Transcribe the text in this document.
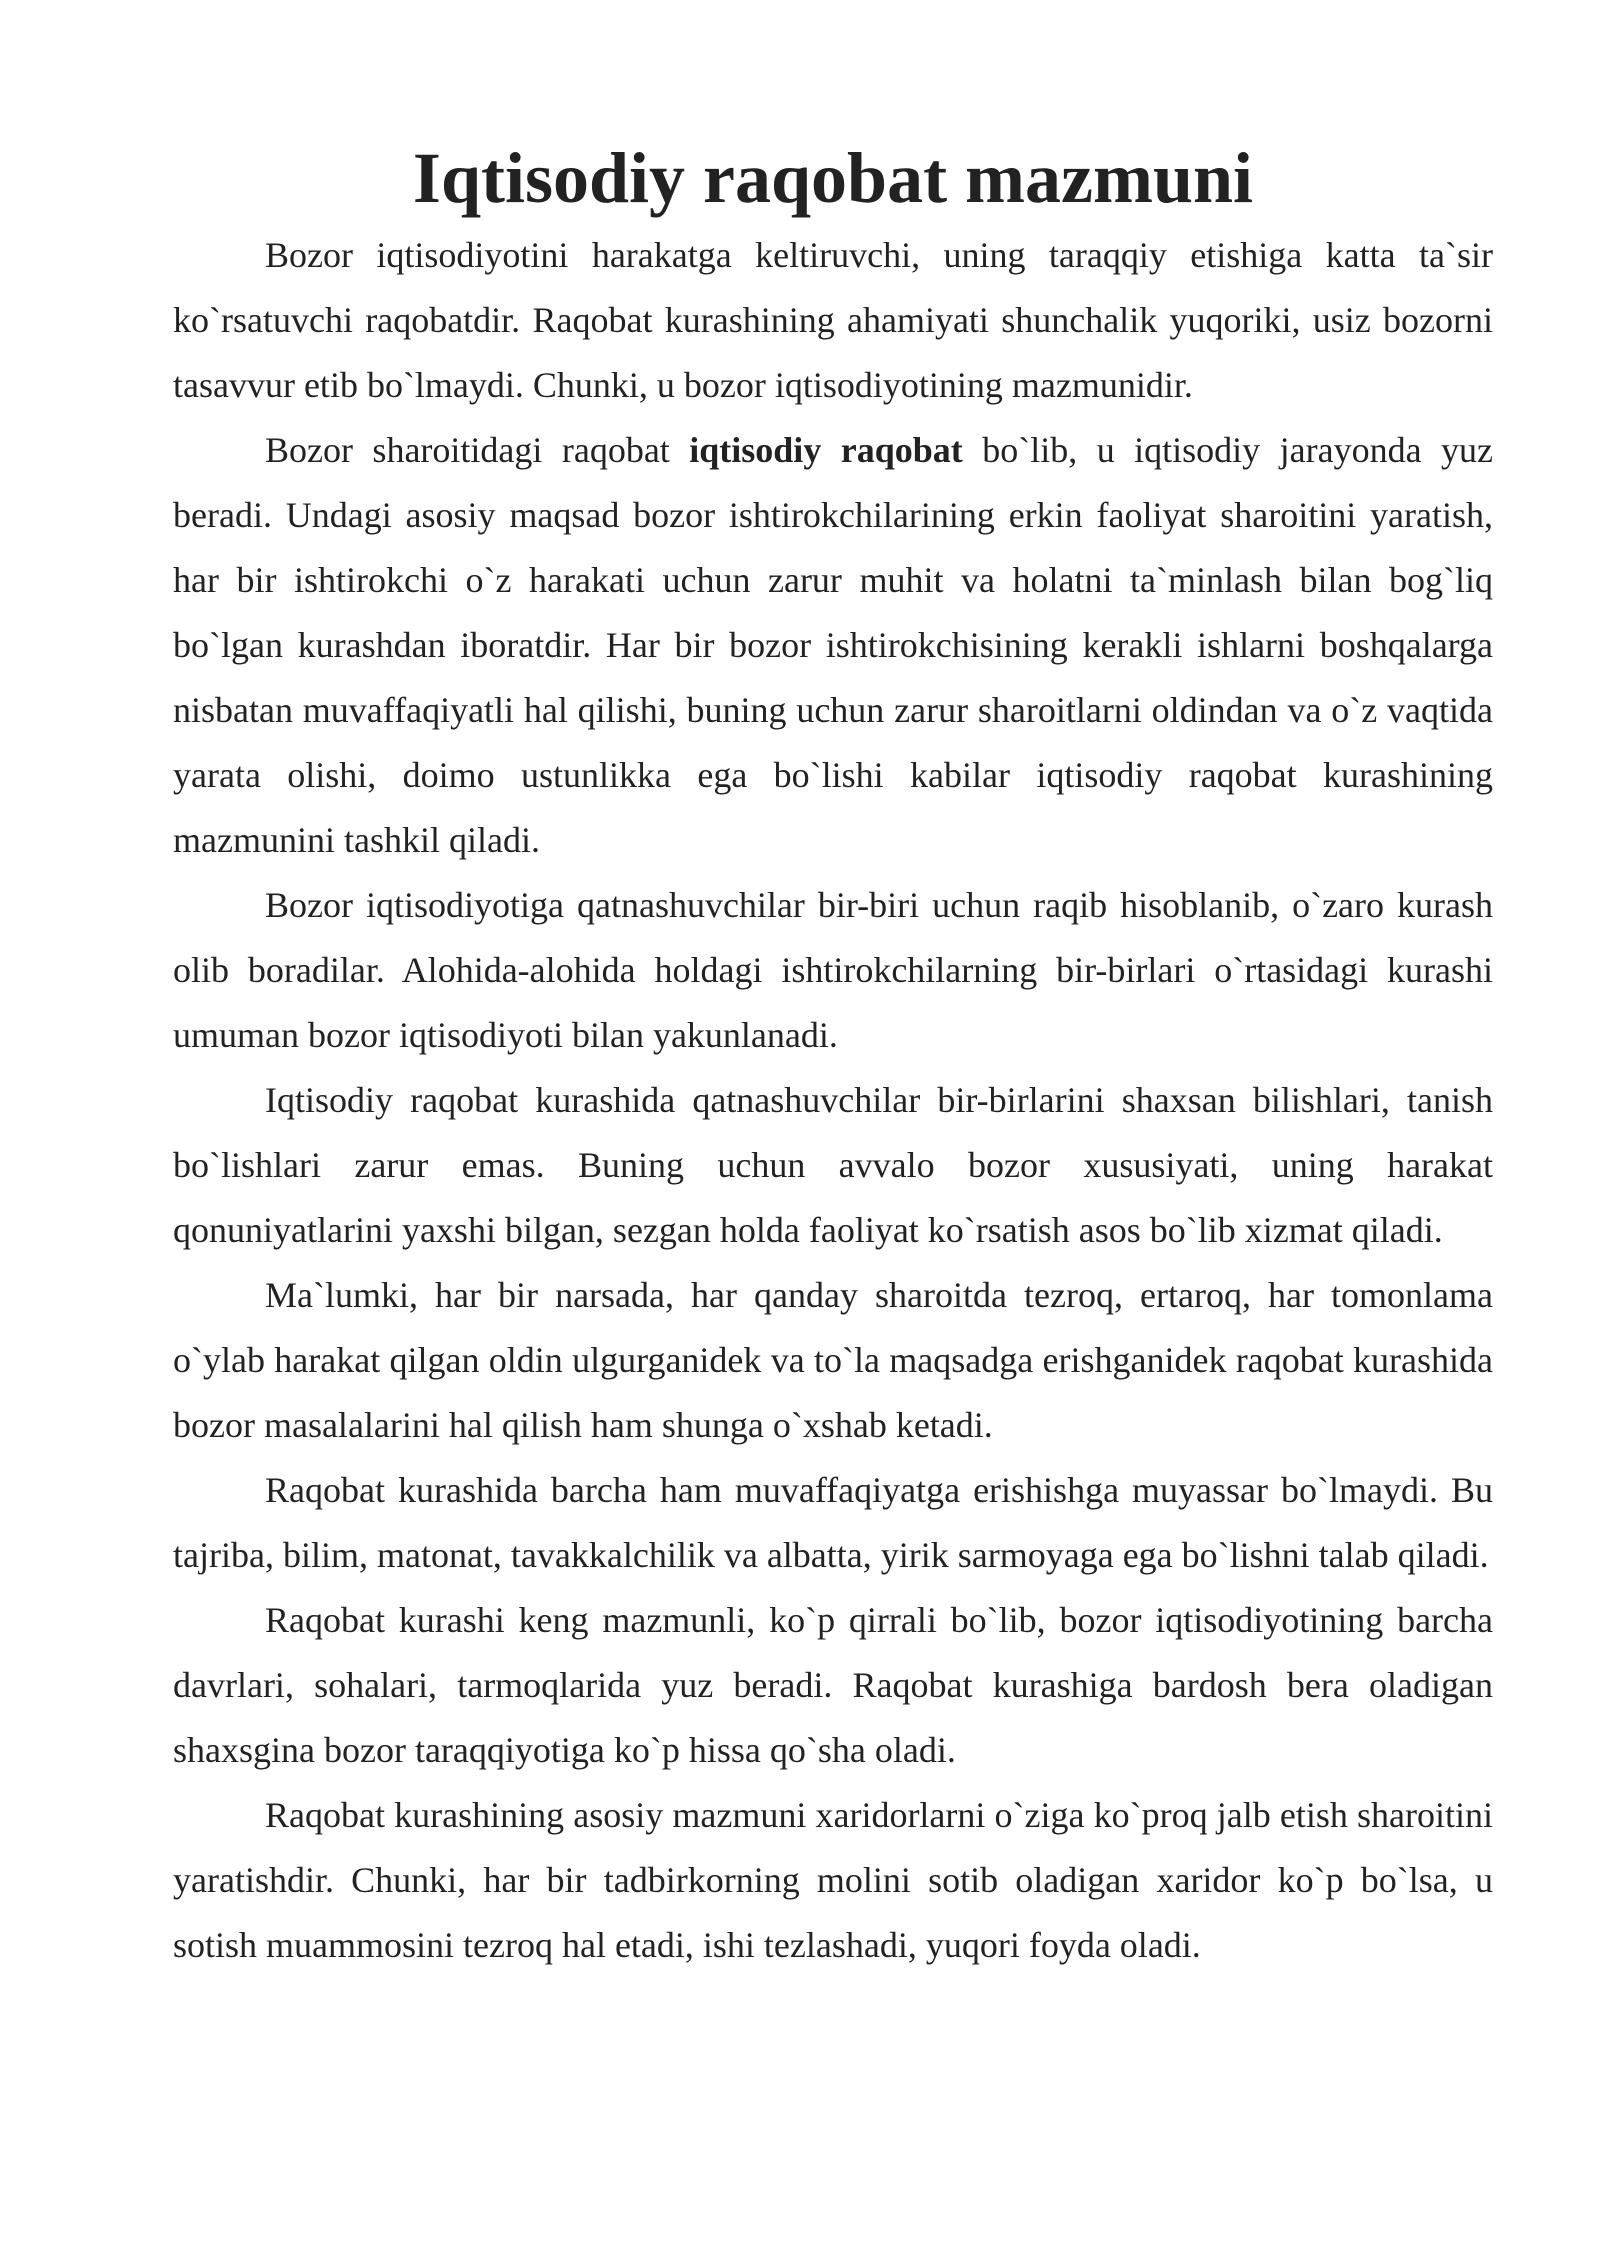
Iqtisodiy raqobat mazmuni

Bozor iqtisodiyotini harakatga keltiruvchi, uning taraqqiy etishiga katta ta`sir ko`rsatuvchi raqobatdir. Raqobat kurashining ahamiyati shunchalik yuqoriki, usiz bozorni tasavvur etib bo`lmaydi. Chunki, u bozor iqtisodiyotining mazmunidir.

Bozor sharoitidagi raqobat iqtisodiy raqobat bo`lib, u iqtisodiy jarayonda yuz beradi. Undagi asosiy maqsad bozor ishtirokchilarining erkin faoliyat sharoitini yaratish, har bir ishtirokchi o`z harakati uchun zarur muhit va holatni ta`minlash bilan bog`liq bo`lgan kurashdan iboratdir. Har bir bozor ishtirokchisining kerakli ishlarni boshqalarga nisbatan muvaffaqiyatli hal qilishi, buning uchun zarur sharoitlarni oldindan va o`z vaqtida yarata olishi, doimo ustunlikka ega bo`lishi kabilar iqtisodiy raqobat kurashining mazmunini tashkil qiladi.

Bozor iqtisodiyotiga qatnashuvchilar bir-biri uchun raqib hisoblanib, o`zaro kurash olib boradilar. Alohida-alohida holdagi ishtirokchilarning bir-birlari o`rtasidagi kurashi umuman bozor iqtisodiyoti bilan yakunlanadi.

Iqtisodiy raqobat kurashida qatnashuvchilar bir-birlarini shaxsan bilishlari, tanish bo`lishlari zarur emas. Buning uchun avvalo bozor xususiyati, uning harakat qonuniyatlarini yaxshi bilgan, sezgan holda faoliyat ko`rsatish asos bo`lib xizmat qiladi.

Ma`lumki, har bir narsada, har qanday sharoitda tezroq, ertaroq, har tomonlama o`ylab harakat qilgan oldin ulgurganidek va to`la maqsadga erishganidek raqobat kurashida bozor masalalarini hal qilish ham shunga o`xshab ketadi.

Raqobat kurashida barcha ham muvaffaqiyatga erishishga muyassar bo`lmaydi. Bu tajriba, bilim, matonat, tavakkalchilik va albatta, yirik sarmoyaga ega bo`lishni talab qiladi.

Raqobat kurashi keng mazmunli, ko`p qirrali bo`lib, bozor iqtisodiyotining barcha davrlari, sohalari, tarmoqlarida yuz beradi. Raqobat kurashiga bardosh bera oladigan shaxsgina bozor taraqqiyotiga ko`p hissa qo`sha oladi.

Raqobat kurashining asosiy mazmuni xaridorlarni o`ziga ko`proq jalb etish sharoitini yaratishdir. Chunki, har bir tadbirkorning molini sotib oladigan xaridor ko`p bo`lsa, u sotish muammosini tezroq hal etadi, ishi tezlashadi, yuqori foyda oladi.
